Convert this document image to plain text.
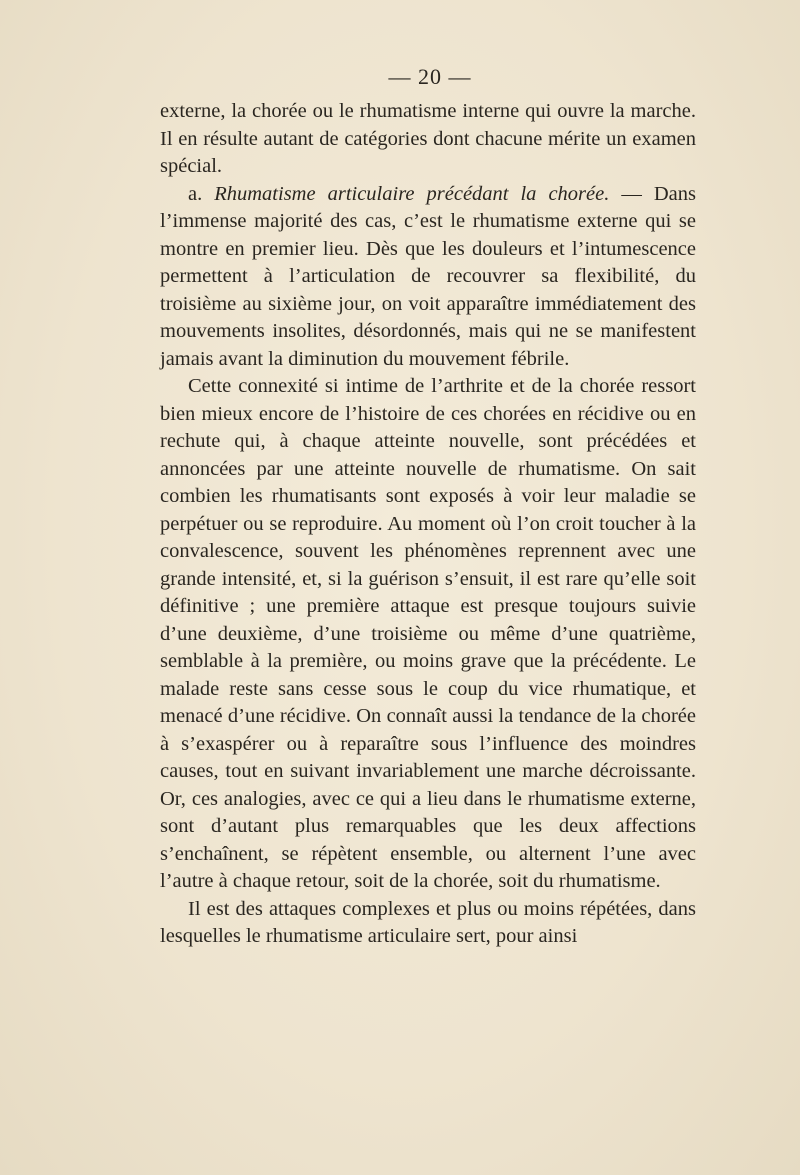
— 20 —

externe, la chorée ou le rhumatisme interne qui ouvre la marche. Il en résulte autant de catégories dont chacune mérite un examen spécial.

a. Rhumatisme articulaire précédant la chorée. — Dans l’immense majorité des cas, c’est le rhumatisme externe qui se montre en premier lieu. Dès que les douleurs et l’intumescence permettent à l’articulation de recouvrer sa flexibilité, du troisième au sixième jour, on voit apparaître immédiatement des mouvements insolites, désordonnés, mais qui ne se manifestent jamais avant la diminution du mouvement fébrile.

Cette connexité si intime de l’arthrite et de la chorée ressort bien mieux encore de l’histoire de ces chorées en récidive ou en rechute qui, à chaque atteinte nouvelle, sont précédées et annoncées par une atteinte nouvelle de rhumatisme. On sait combien les rhumatisants sont exposés à voir leur maladie se perpétuer ou se reproduire. Au moment où l’on croit toucher à la convalescence, souvent les phénomènes reprennent avec une grande intensité, et, si la guérison s’ensuit, il est rare qu’elle soit définitive ; une première attaque est presque toujours suivie d’une deuxième, d’une troisième ou même d’une quatrième, semblable à la première, ou moins grave que la précédente. Le malade reste sans cesse sous le coup du vice rhumatique, et menacé d’une récidive. On connaît aussi la tendance de la chorée à s’exaspérer ou à reparaître sous l’influence des moindres causes, tout en suivant invariablement une marche décroissante. Or, ces analogies, avec ce qui a lieu dans le rhumatisme externe, sont d’autant plus remarquables que les deux affections s’enchaînent, se répètent ensemble, ou alternent l’une avec l’autre à chaque retour, soit de la chorée, soit du rhumatisme.

Il est des attaques complexes et plus ou moins répétées, dans lesquelles le rhumatisme articulaire sert, pour ainsi
